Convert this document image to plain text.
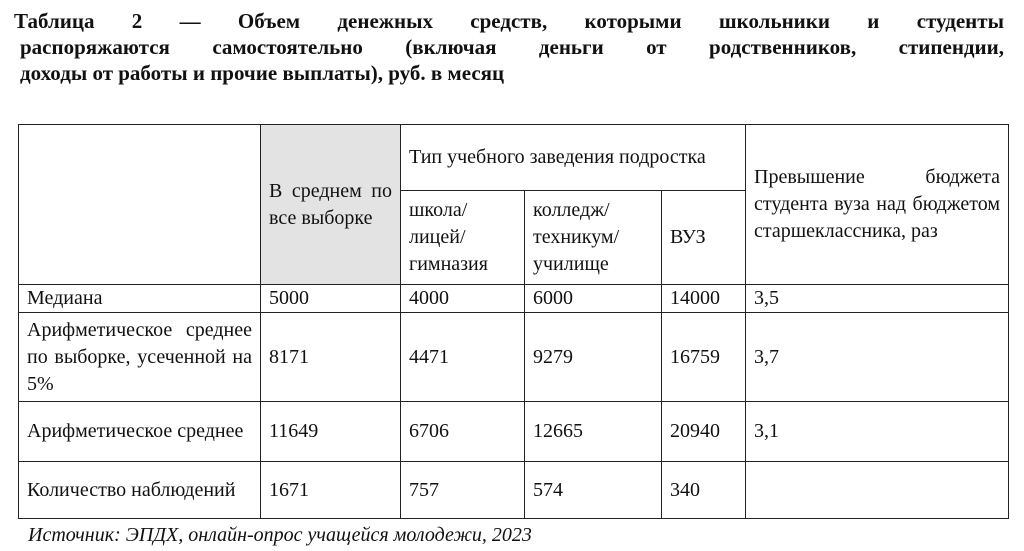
Таблица 2 — Объем денежных средств, которыми школьники и студенты
распоряжаются самостоятельно (включая деньги от родственников, стипендии,
доходы от работы и прочие выплаты), руб. в месяц
	В среднем по все выборке	Тип учебного заведения подростка			Превышение бюджета студента вуза над бюджетом старшеклассника, раз
		школа/ лицей/ гимназия	колледж/ техникум/ училище	ВУЗ	
Медиана	5000	4000	6000	14000	3,5
Арифметическое среднее по выборке, усеченной на 5%	8171	4471	9279	16759	3,7
Арифметическое среднее	11649	6706	12665	20940	3,1
Количество наблюдений	1671	757	574	340	
Источник: ЭПДХ, онлайн-опрос учащейся молодежи, 2023
